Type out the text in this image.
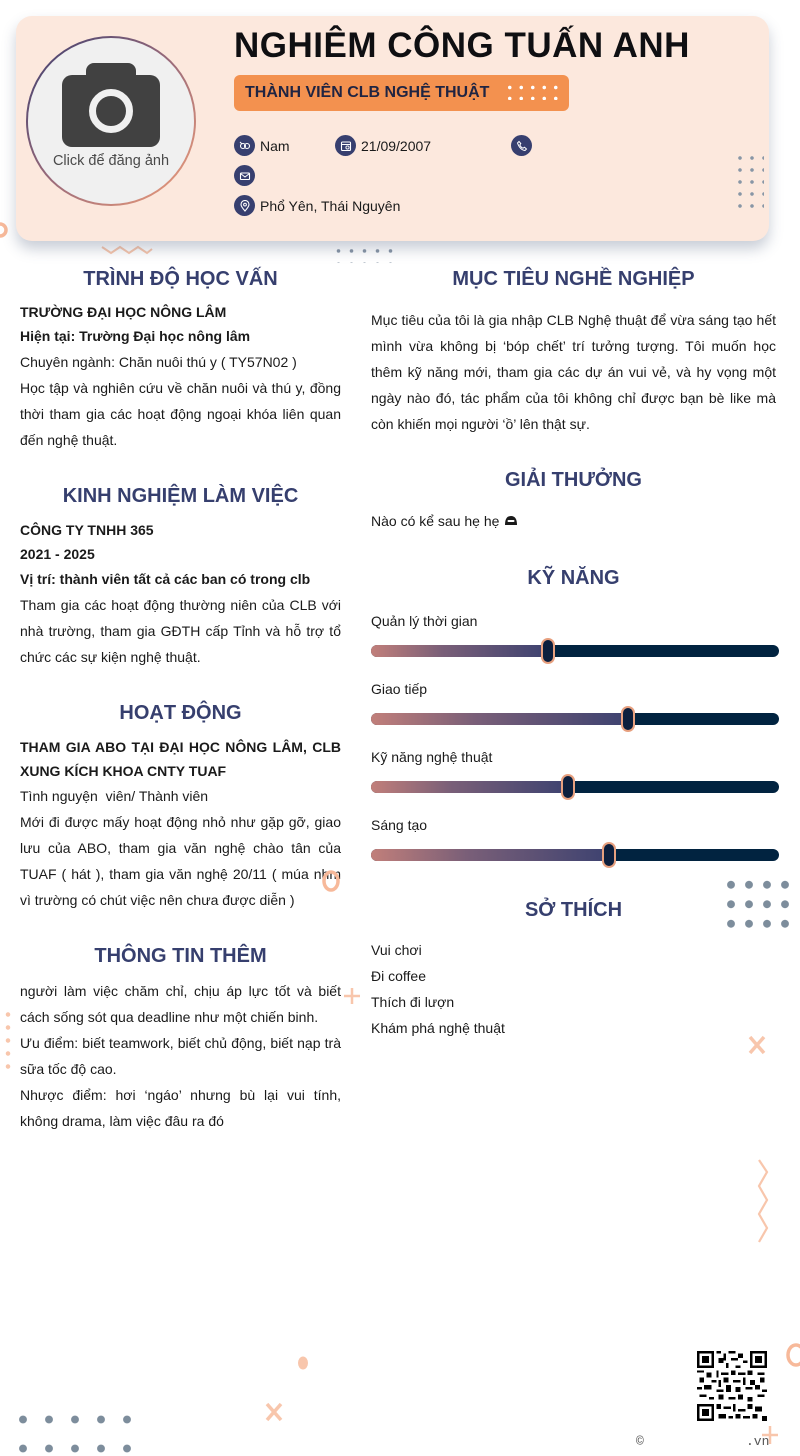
Click để đăng ảnh
NGHIÊM CÔNG TUẤN ANH
THÀNH VIÊN CLB NGHỆ THUẬT
Nam	21/09/2007
Phổ Yên, Thái Nguyên
TRÌNH ĐỘ HỌC VẤN
TRƯỜNG ĐẠI HỌC NÔNG LÂM
Hiện tại: Trường Đại học nông lâm
Chuyên ngành: Chăn nuôi thú y ( TY57N02 )
Học tập và nghiên cứu về chăn nuôi và thú y, đồng thời tham gia các hoạt động ngoại khóa liên quan đến nghệ thuật.
KINH NGHIỆM LÀM VIỆC
CÔNG TY TNHH 365
2021 - 2025
Vị trí: thành viên tất cả các ban có trong clb
Tham gia các hoạt động thường niên của CLB với nhà trường, tham gia GĐTH cấp Tỉnh và hỗ trợ tổ chức các sự kiện nghệ thuật.
HOẠT ĐỘNG
THAM GIA ABO TẠI ĐẠI HỌC NÔNG LÂM, CLB XUNG KÍCH KHOA CNTY TUAF
Tình nguyện  viên/ Thành viên
Mới đi được mấy hoạt động nhỏ như gặp gỡ, giao lưu của ABO, tham gia văn nghệ chào tân của TUAF ( hát ), tham gia văn nghệ 20/11 ( múa nhm vì trường có chút việc nên chưa được diễn )
THÔNG TIN THÊM
người làm việc chăm chỉ, chịu áp lực tốt và biết cách sống sót qua deadline như một chiến binh.
Ưu điểm: biết teamwork, biết chủ động, biết nạp trà sữa tốc độ cao.
Nhược điểm: hơi ‘ngáo’ nhưng bù lại vui tính, không drama, làm việc đâu ra đó
MỤC TIÊU NGHỀ NGHIỆP
Mục tiêu của tôi là gia nhập CLB Nghệ thuật để vừa sáng tạo hết mình vừa không bị ‘bóp chết’ trí tưởng tượng. Tôi muốn học thêm kỹ năng mới, tham gia các dự án vui vẻ, và hy vọng một ngày nào đó, tác phẩm của tôi không chỉ được bạn bè like mà còn khiến mọi người ‘ồ’ lên thật sự.
GIẢI THƯỞNG
Nào có kể sau hẹ hẹ
KỸ NĂNG
Quản lý thời gian
Giao tiếp
Kỹ năng nghệ thuật
Sáng tạo
SỞ THÍCH
Vui chơi
Đi coffee
Thích đi lượn
Khám phá nghệ thuật
©	.vn
